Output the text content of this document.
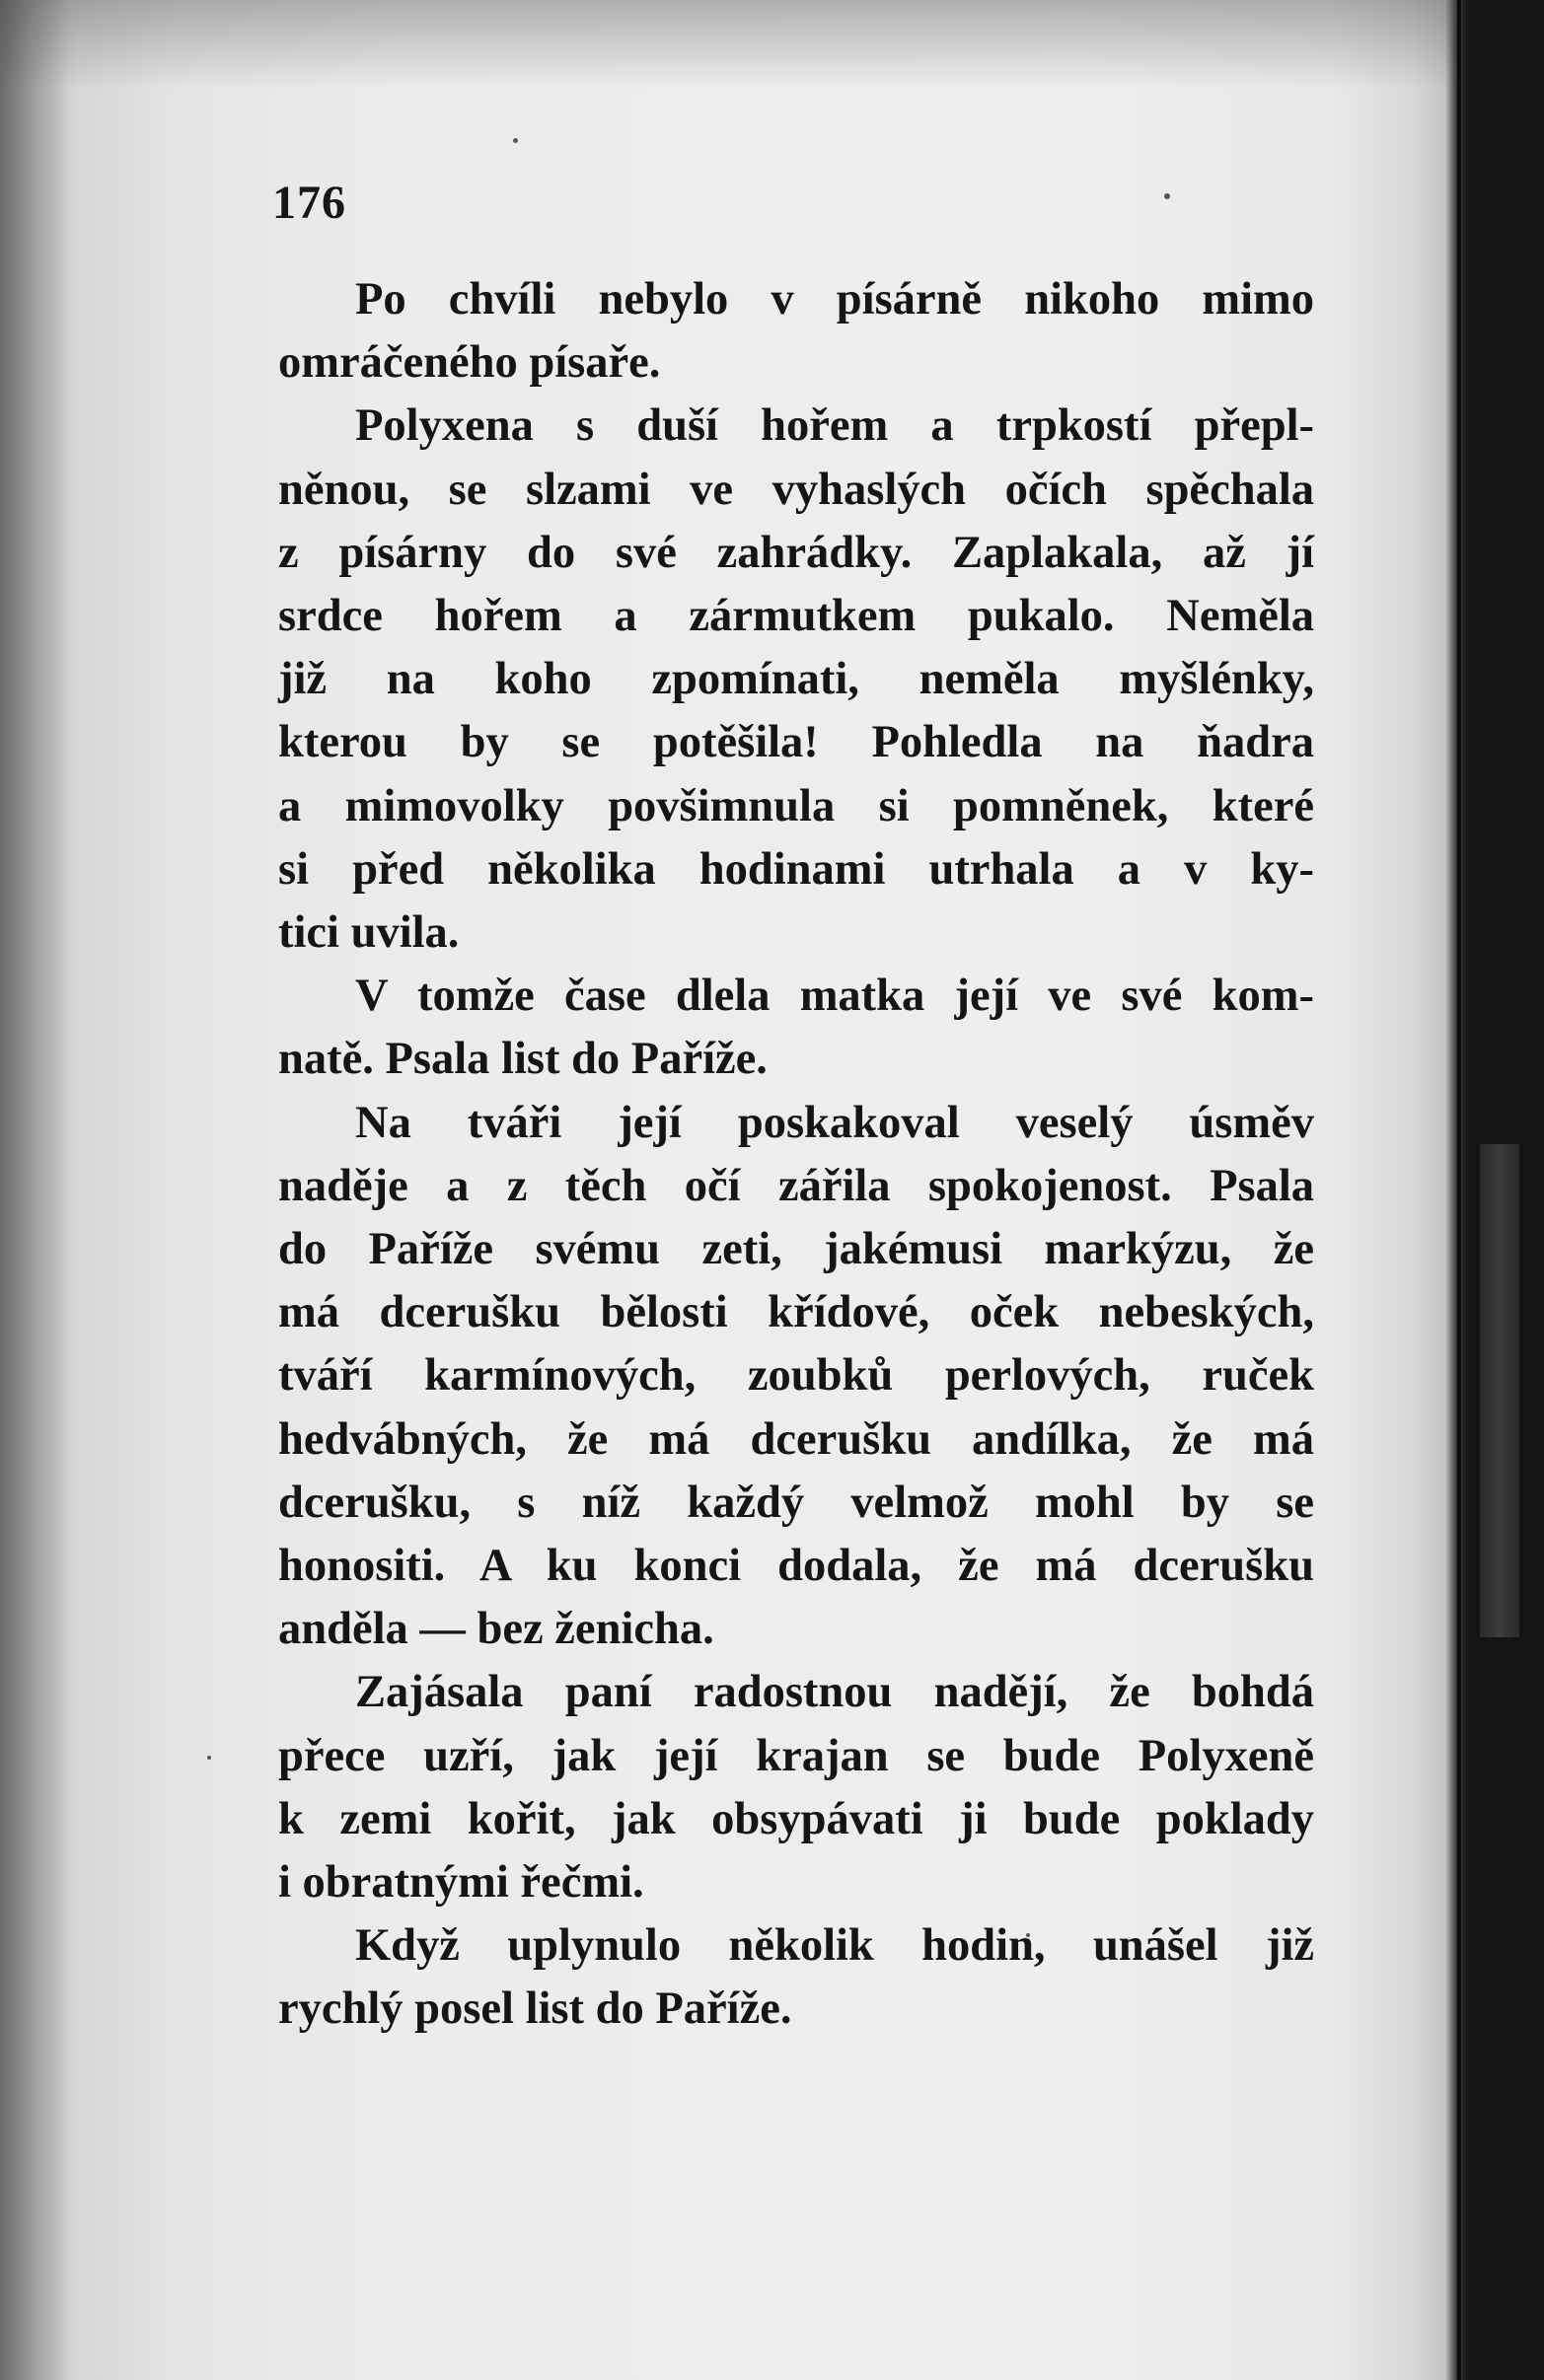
176
Po chvíli nebylo v písárně nikoho mimo
omráčeného písaře.
Polyxena s duší hořem a trpkostí přepl-
něnou, se slzami ve vyhaslých očích spěchala
z písárny do své zahrádky. Zaplakala, až jí
srdce hořem a zármutkem pukalo. Neměla
již na koho zpomínati, neměla myšlénky,
kterou by se potěšila! Pohledla na ňadra
a mimovolky povšimnula si pomněnek, které
si před několika hodinami utrhala a v ky-
tici uvila.
V tomže čase dlela matka její ve své kom-
natě. Psala list do Paříže.
Na tváři její poskakoval veselý úsměv
naděje a z těch očí zářila spokojenost. Psala
do Paříže svému zeti, jakémusi markýzu, že
má dcerušku bělosti křídové, oček nebeských,
tváří karmínových, zoubků perlových, ruček
hedvábných, že má dcerušku andílka, že má
dcerušku, s níž každý velmož mohl by se
honositi. A ku konci dodala, že má dcerušku
anděla — bez ženicha.
Zajásala paní radostnou nadějí, že bohdá
přece uzří, jak její krajan se bude Polyxeně
k zemi kořit, jak obsypávati ji bude poklady
i obratnými řečmi.
Když uplynulo několik hodin, unášel již
rychlý posel list do Paříže.
